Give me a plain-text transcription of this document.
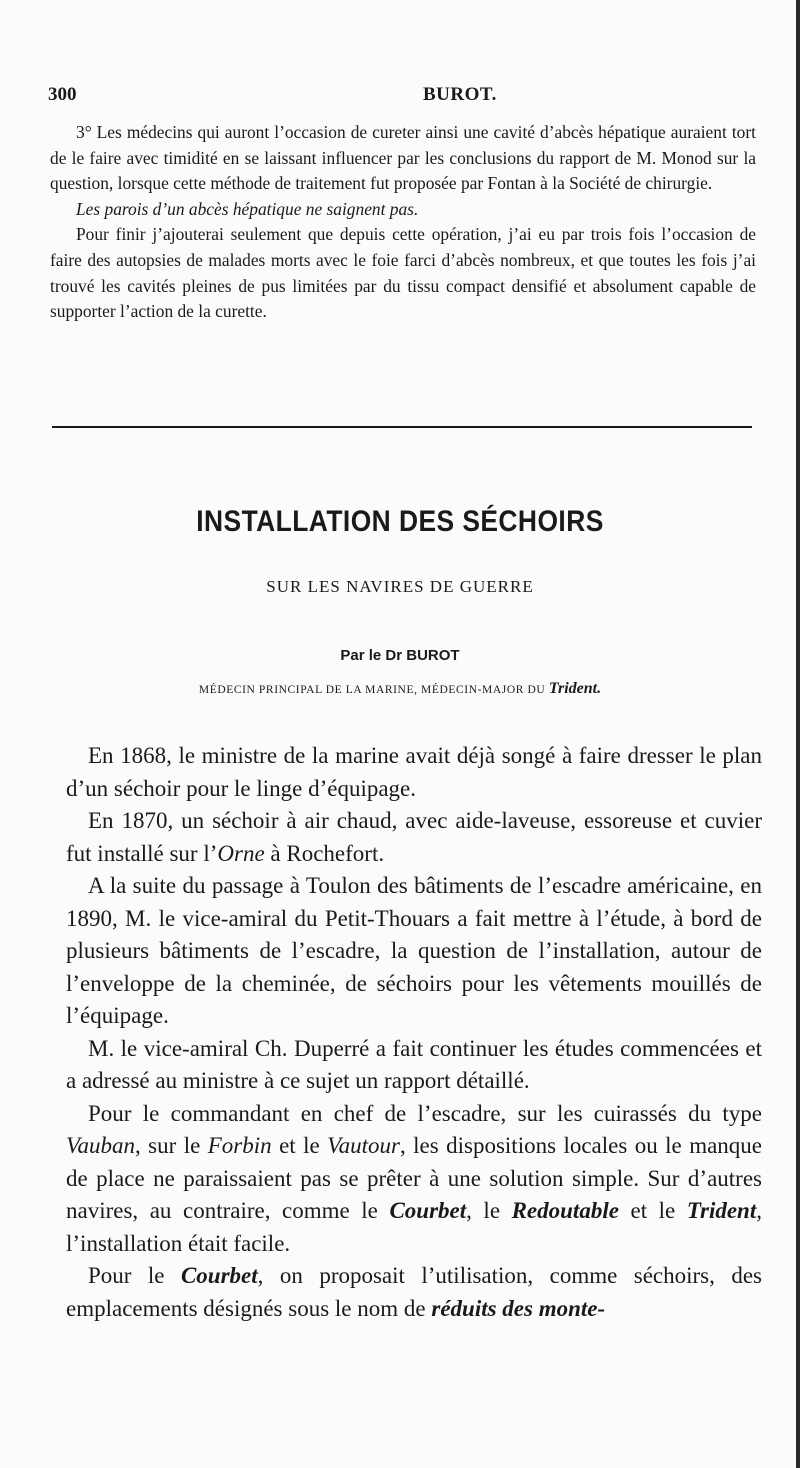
300	BUROT.

3° Les médecins qui auront l’occasion de cureter ainsi une cavité d’abcès hépatique auraient tort de le faire avec timidité en se laissant influencer par les conclusions du rapport de M. Monod sur la question, lorsque cette méthode de traitement fut proposée par Fontan à la Société de chirurgie.

Les parois d’un abcès hépatique ne saignent pas.

Pour finir j’ajouterai seulement que depuis cette opération, j’ai eu par trois fois l’occasion de faire des autopsies de malades morts avec le foie farci d’abcès nombreux, et que toutes les fois j’ai trouvé les cavités pleines de pus limitées par du tissu compact densifié et absolument capable de supporter l’action de la curette.

INSTALLATION DES SÉCHOIRS
SUR LES NAVIRES DE GUERRE
Par le Dr BUROT
MÉDECIN PRINCIPAL DE LA MARINE, MÉDECIN-MAJOR DU Trident.

En 1868, le ministre de la marine avait déjà songé à faire dresser le plan d’un séchoir pour le linge d’équipage.

En 1870, un séchoir à air chaud, avec aide-laveuse, essoreuse et cuvier fut installé sur l’Orne à Rochefort.

A la suite du passage à Toulon des bâtiments de l’escadre américaine, en 1890, M. le vice-amiral du Petit-Thouars a fait mettre à l’étude, à bord de plusieurs bâtiments de l’escadre, la question de l’installation, autour de l’enveloppe de la cheminée, de séchoirs pour les vêtements mouillés de l’équipage.

M. le vice-amiral Ch. Duperré a fait continuer les études commencées et a adressé au ministre à ce sujet un rapport détaillé.

Pour le commandant en chef de l’escadre, sur les cuirassés du type Vauban, sur le Forbin et le Vautour, les dispositions locales ou le manque de place ne paraissaient pas se prêter à une solution simple. Sur d’autres navires, au contraire, comme le Courbet, le Redoutable et le Trident, l’installation était facile.

Pour le Courbet, on proposait l’utilisation, comme séchoirs, des emplacements désignés sous le nom de réduits des monte-
